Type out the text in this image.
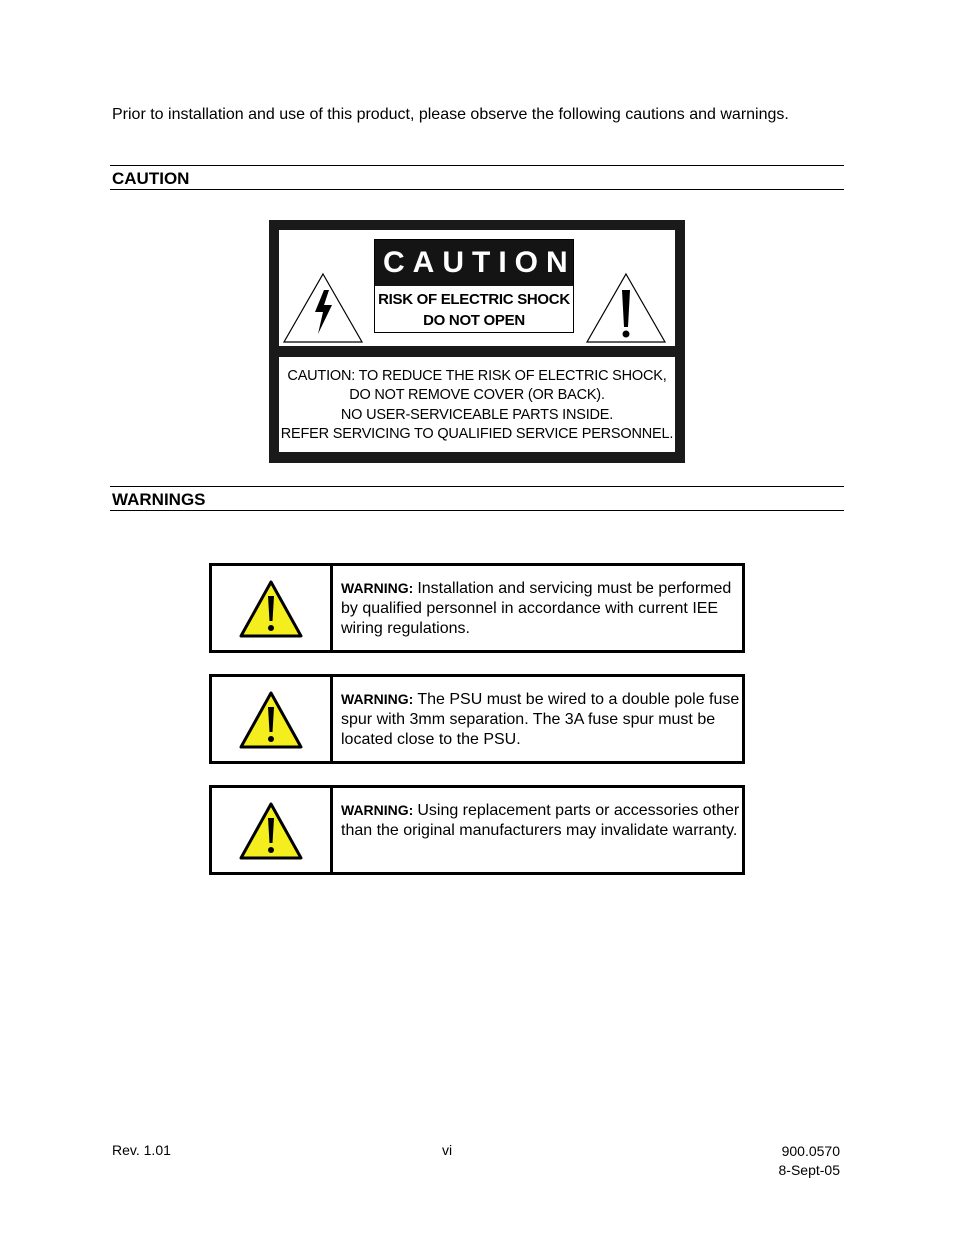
Prior to installation and use of this product, please observe the following cautions and warnings.
CAUTION
CAUTION
RISK OF ELECTRIC SHOCK
DO NOT OPEN
CAUTION: TO REDUCE THE RISK OF ELECTRIC SHOCK,
DO NOT REMOVE COVER (OR BACK).
NO USER-SERVICEABLE PARTS INSIDE.
REFER SERVICING TO QUALIFIED SERVICE PERSONNEL.
WARNINGS
WARNING: Installation and servicing must be performed by qualified personnel in accordance with current IEE wiring regulations.
WARNING: The PSU must be wired to a double pole fuse spur with 3mm separation. The 3A fuse spur must be located close to the PSU.
WARNING: Using replacement parts or accessories other than the original manufacturers may invalidate warranty.
Rev. 1.01	vi	900.0570
8-Sept-05
